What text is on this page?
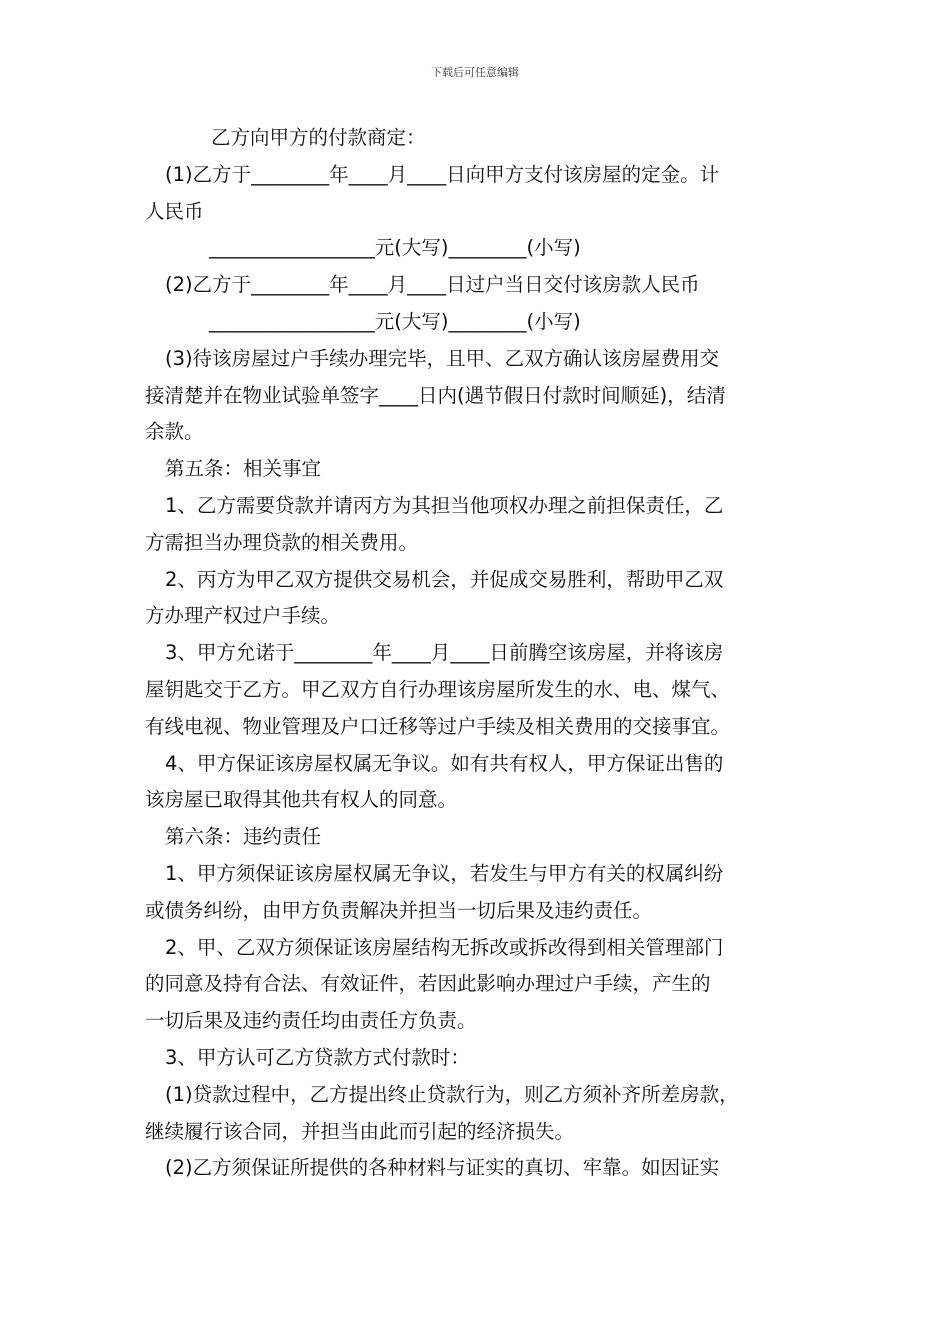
下载后可任意编辑
乙方向甲方的付款商定：
(1)乙方于________年____月____日向甲方支付该房屋的定金。计
人民币
_________________元(大写)________(小写)
(2)乙方于________年____月____日过户当日交付该房款人民币
_________________元(大写)________(小写)
(3)待该房屋过户手续办理完毕，且甲、乙双方确认该房屋费用交
接清楚并在物业试验单签字____日内(遇节假日付款时间顺延)，结清
余款。
第五条：相关事宜
1、乙方需要贷款并请丙方为其担当他项权办理之前担保责任，乙
方需担当办理贷款的相关费用。
2、丙方为甲乙双方提供交易机会，并促成交易胜利，帮助甲乙双
方办理产权过户手续。
3、甲方允诺于________年____月____日前腾空该房屋，并将该房
屋钥匙交于乙方。甲乙双方自行办理该房屋所发生的水、电、煤气、
有线电视、物业管理及户口迁移等过户手续及相关费用的交接事宜。
4、甲方保证该房屋权属无争议。如有共有权人，甲方保证出售的
该房屋已取得其他共有权人的同意。
第六条：违约责任
1、甲方须保证该房屋权属无争议，若发生与甲方有关的权属纠纷
或债务纠纷，由甲方负责解决并担当一切后果及违约责任。
2、甲、乙双方须保证该房屋结构无拆改或拆改得到相关管理部门
的同意及持有合法、有效证件，若因此影响办理过户手续，产生的
一切后果及违约责任均由责任方负责。
3、甲方认可乙方贷款方式付款时：
(1)贷款过程中，乙方提出终止贷款行为，则乙方须补齐所差房款，
继续履行该合同，并担当由此而引起的经济损失。
(2)乙方须保证所提供的各种材料与证实的真切、牢靠。如因证实
